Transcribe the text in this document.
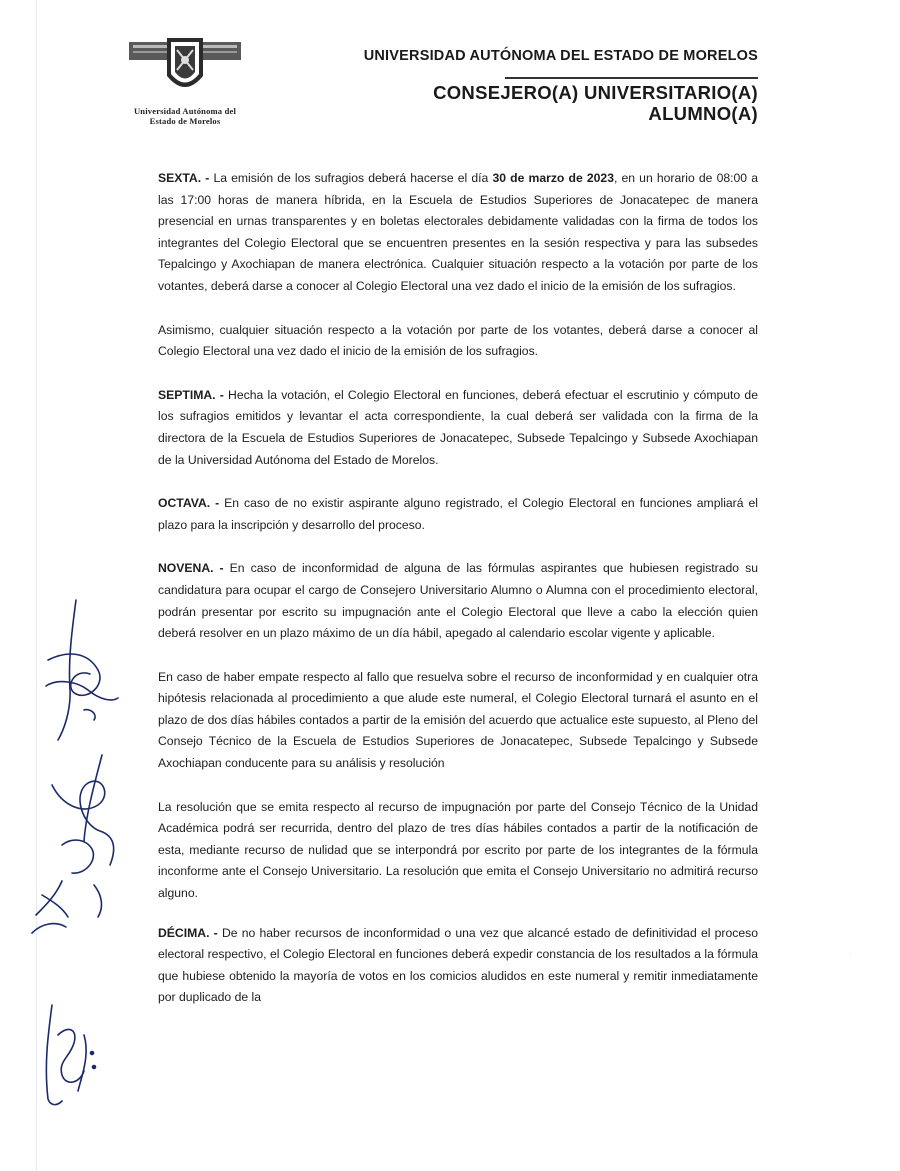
Universidad Autónoma del
Estado de Morelos
UNIVERSIDAD AUTÓNOMA DEL ESTADO DE MORELOS
CONSEJERO(A) UNIVERSITARIO(A)
ALUMNO(A)

SEXTA. - La emisión de los sufragios deberá hacerse el día 30 de marzo de 2023, en un horario de 08:00 a las 17:00 horas de manera híbrida, en la Escuela de Estudios Superiores de Jonacatepec de manera presencial en urnas transparentes y en boletas electorales debidamente validadas con la firma de todos los integrantes del Colegio Electoral que se encuentren presentes en la sesión respectiva y para las subsedes Tepalcingo y Axochiapan de manera electrónica. Cualquier situación respecto a la votación por parte de los votantes, deberá darse a conocer al Colegio Electoral una vez dado el inicio de la emisión de los sufragios.

Asimismo, cualquier situación respecto a la votación por parte de los votantes, deberá darse a conocer al Colegio Electoral una vez dado el inicio de la emisión de los sufragios.

SEPTIMA. - Hecha la votación, el Colegio Electoral en funciones, deberá efectuar el escrutinio y cómputo de los sufragios emitidos y levantar el acta correspondiente, la cual deberá ser validada con la firma de la directora de la Escuela de Estudios Superiores de Jonacatepec, Subsede Tepalcingo y Subsede Axochiapan de la Universidad Autónoma del Estado de Morelos.

OCTAVA. - En caso de no existir aspirante alguno registrado, el Colegio Electoral en funciones ampliará el plazo para la inscripción y desarrollo del proceso.

NOVENA. - En caso de inconformidad de alguna de las fórmulas aspirantes que hubiesen registrado su candidatura para ocupar el cargo de Consejero Universitario Alumno o Alumna con el procedimiento electoral, podrán presentar por escrito su impugnación ante el Colegio Electoral que lleve a cabo la elección quien deberá resolver en un plazo máximo de un día hábil, apegado al calendario escolar vigente y aplicable.

En caso de haber empate respecto al fallo que resuelva sobre el recurso de inconformidad y en cualquier otra hipótesis relacionada al procedimiento a que alude este numeral, el Colegio Electoral turnará el asunto en el plazo de dos días hábiles contados a partir de la emisión del acuerdo que actualice este supuesto, al Pleno del Consejo Técnico de la Escuela de Estudios Superiores de Jonacatepec, Subsede Tepalcingo y Subsede Axochiapan conducente para su análisis y resolución

La resolución que se emita respecto al recurso de impugnación por parte del Consejo Técnico de la Unidad Académica podrá ser recurrida, dentro del plazo de tres días hábiles contados a partir de la notificación de esta, mediante recurso de nulidad que se interpondrá por escrito por parte de los integrantes de la fórmula inconforme ante el Consejo Universitario. La resolución que emita el Consejo Universitario no admitirá recurso alguno.

DÉCIMA. - De no haber recursos de inconformidad o una vez que alcancé estado de definitividad el proceso electoral respectivo, el Colegio Electoral en funciones deberá expedir constancia de los resultados a la fórmula que hubiese obtenido la mayoría de votos en los comicios aludidos en este numeral y remitir inmediatamente por duplicado de la

·
